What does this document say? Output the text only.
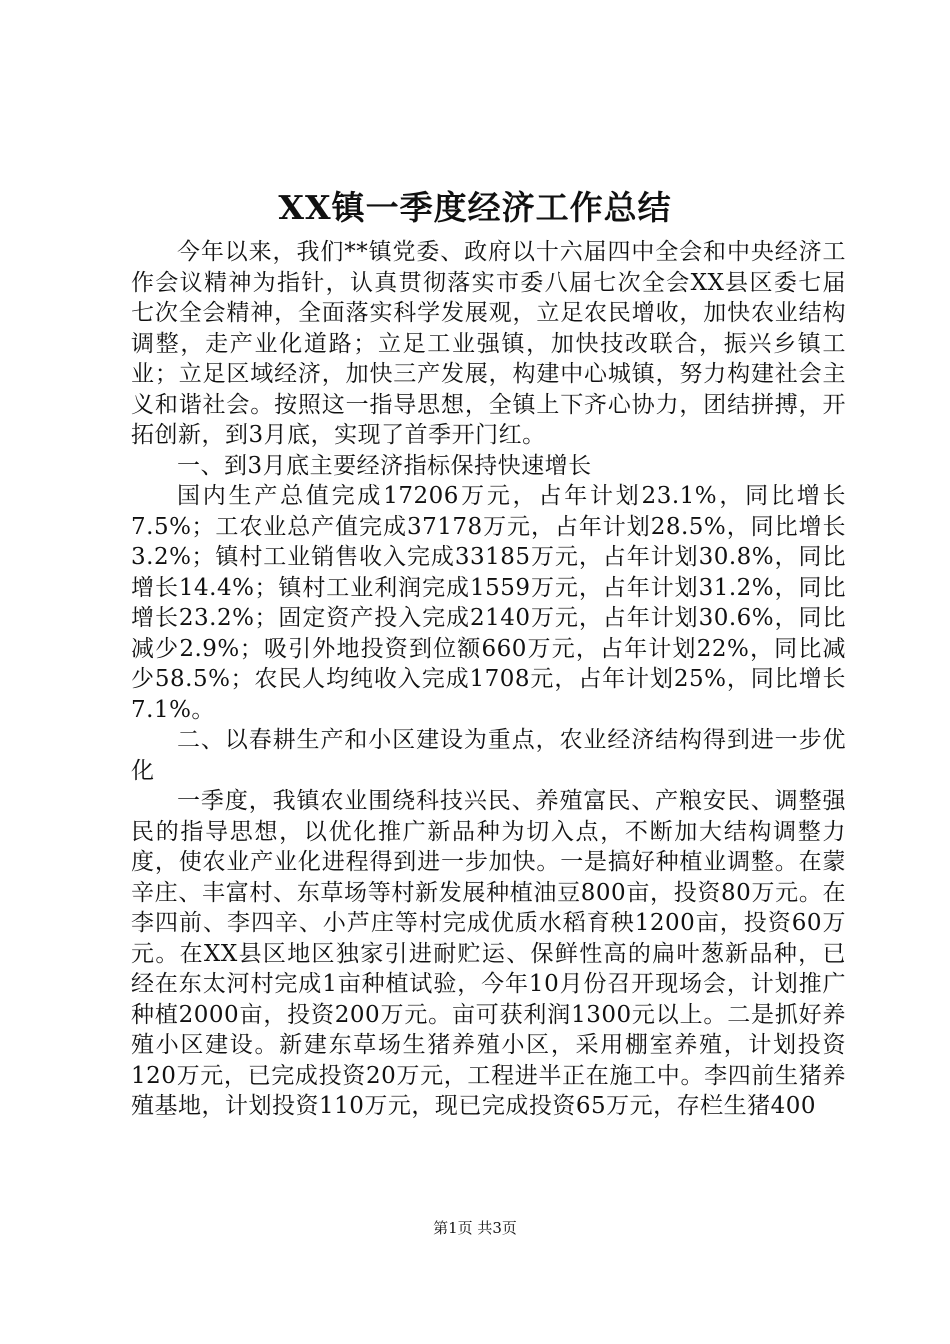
XX镇一季度经济工作总结

今年以来，我们**镇党委、政府以十六届四中全会和中央经济工作会议精神为指针，认真贯彻落实市委八届七次全会XX县区委七届七次全会精神，全面落实科学发展观，立足农民增收，加快农业结构调整，走产业化道路；立足工业强镇，加快技改联合，振兴乡镇工业；立足区域经济，加快三产发展，构建中心城镇，努力构建社会主义和谐社会。按照这一指导思想，全镇上下齐心协力，团结拼搏，开拓创新，到3月底，实现了首季开门红。

一、到3月底主要经济指标保持快速增长

国内生产总值完成17206万元，占年计划23.1%，同比增长7.5%；工农业总产值完成37178万元，占年计划28.5%，同比增长3.2%；镇村工业销售收入完成33185万元，占年计划30.8%，同比增长14.4%；镇村工业利润完成1559万元，占年计划31.2%，同比增长23.2%；固定资产投入完成2140万元，占年计划30.6%，同比减少2.9%；吸引外地投资到位额660万元，占年计划22%，同比减少58.5%；农民人均纯收入完成1708元，占年计划25%，同比增长7.1%。

二、以春耕生产和小区建设为重点，农业经济结构得到进一步优化

一季度，我镇农业围绕科技兴民、养殖富民、产粮安民、调整强民的指导思想，以优化推广新品种为切入点，不断加大结构调整力度，使农业产业化进程得到进一步加快。一是搞好种植业调整。在蒙辛庄、丰富村、东草场等村新发展种植油豆800亩，投资80万元。在李四前、李四辛、小芦庄等村完成优质水稻育秧1200亩，投资60万元。在XX县区地区独家引进耐贮运、保鲜性高的扁叶葱新品种，已经在东太河村完成1亩种植试验，今年10月份召开现场会，计划推广种植2000亩，投资200万元。亩可获利润1300元以上。二是抓好养殖小区建设。新建东草场生猪养殖小区，采用棚室养殖，计划投资120万元，已完成投资20万元，工程进半正在施工中。李四前生猪养殖基地，计划投资110万元，现已完成投资65万元，存栏生猪400

第1页 共3页
